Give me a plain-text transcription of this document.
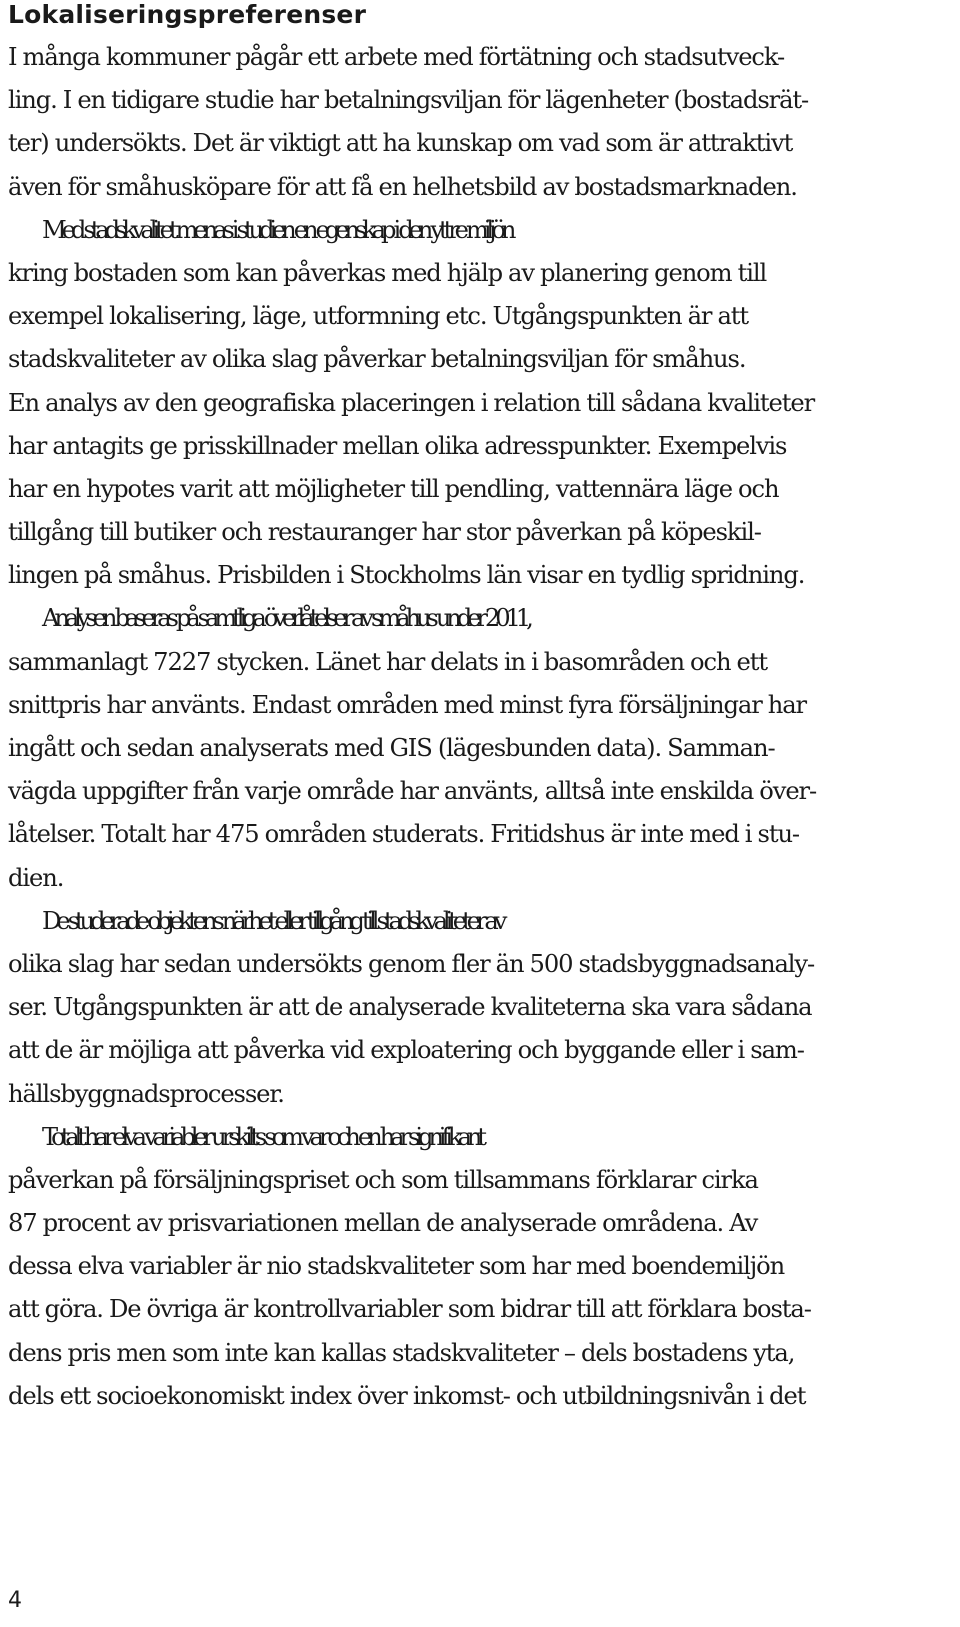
Lokaliseringspreferenser
I många kommuner pågår ett arbete med förtätning och stadsutveck-
ling. I en tidigare studie har betalningsviljan för lägenheter (bostadsrät-
ter) undersökts. Det är viktigt att ha kunskap om vad som är attraktivt
även för småhusköpare för att få en helhetsbild av bostadsmarknaden.
Med stadskvalitet menas i studien en egenskap i den yttre miljön
kring bostaden som kan påverkas med hjälp av planering genom till
exempel lokalisering, läge, utformning etc. Utgångspunkten är att
stadskvaliteter av olika slag påverkar betalningsviljan för småhus.
En analys av den geografiska placeringen i relation till sådana kvaliteter
har antagits ge prisskillnader mellan olika adresspunkter. Exempelvis
har en hypotes varit att möjligheter till pendling, vattennära läge och
tillgång till butiker och restauranger har stor påverkan på köpeskil-
lingen på småhus. Prisbilden i Stockholms län visar en tydlig spridning.
Analysen baseras på samtliga överlåtelser av småhus under 2011,
sammanlagt 7227 stycken. Länet har delats in i basområden och ett
snittpris har använts. Endast områden med minst fyra försäljningar har
ingått och sedan analyserats med GIS (lägesbunden data). Samman-
vägda uppgifter från varje område har använts, alltså inte enskilda över-
låtelser. Totalt har 475 områden studerats. Fritidshus är inte med i stu-
dien.
De studerade objektens närhet eller tillgång till stadskvaliteter av
olika slag har sedan undersökts genom fler än 500 stadsbyggnadsanaly-
ser. Utgångspunkten är att de analyserade kvaliteterna ska vara sådana
att de är möjliga att påverka vid exploatering och byggande eller i sam-
hällsbyggnadsprocesser.
Totalt har elva variabler urskilts som var och en har signifikant
påverkan på försäljningspriset och som tillsammans förklarar cirka
87 procent av prisvariationen mellan de analyserade områdena. Av
dessa elva variabler är nio stadskvaliteter som har med boendemiljön
att göra. De övriga är kontrollvariabler som bidrar till att förklara bosta-
dens pris men som inte kan kallas stadskvaliteter – dels bostadens yta,
dels ett socioekonomiskt index över inkomst- och utbildningsnivån i det
4
